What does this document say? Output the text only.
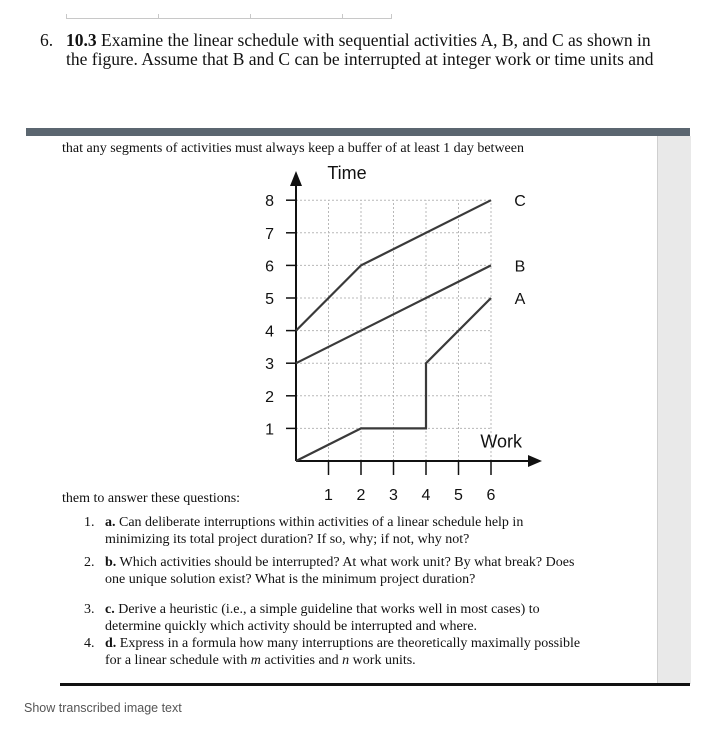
6. 10.3 Examine the linear schedule with sequential activities A, B, and C as shown in
the figure. Assume that B and C can be interrupted at integer work or time units and
that any segments of activities must always keep a buffer of at least 1 day between
1
2
3
4
5
6
7
8
1 2 3 4 5 6
Time
Work
A
B
C
them to answer these questions:
1. a. Can deliberate interruptions within activities of a linear schedule help in minimizing its total project duration? If so, why; if not, why not?
2. b. Which activities should be interrupted? At what work unit? By what break? Does one unique solution exist? What is the minimum project duration?
3. c. Derive a heuristic (i.e., a simple guideline that works well in most cases) to determine quickly which activity should be interrupted and where.
4. d. Express in a formula how many interruptions are theoretically maximally possible for a linear schedule with m activities and n work units.
Show transcribed image text
